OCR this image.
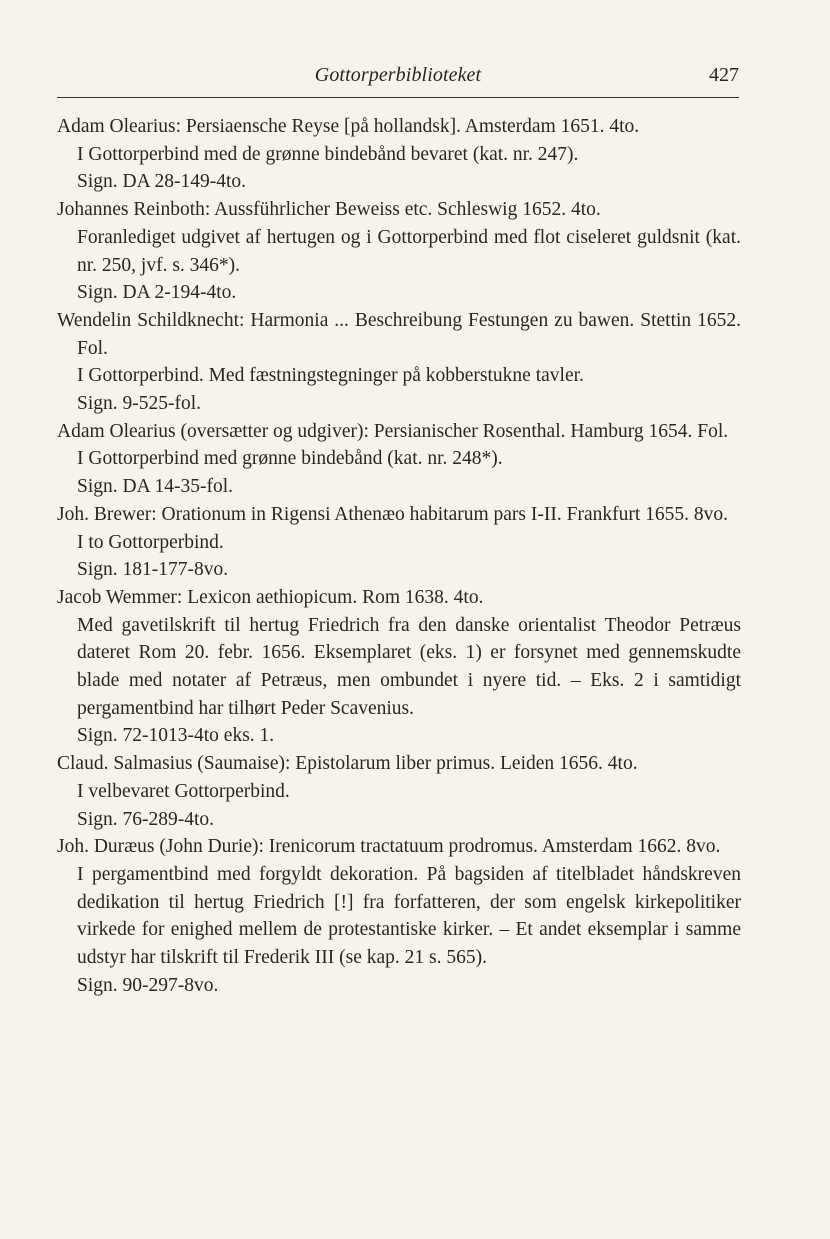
Gottorperbiblioteket	427

Adam Olearius: Persiaensche Reyse [på hollandsk]. Amsterdam 1651. 4to.

I Gottorperbind med de grønne bindebånd bevaret (kat. nr. 247).

Sign. DA 28-149-4to.

Johannes Reinboth: Aussführlicher Beweiss etc. Schleswig 1652. 4to.

Foranlediget udgivet af hertugen og i Gottorperbind med flot ciseleret guldsnit (kat. nr. 250, jvf. s. 346*).

Sign. DA 2-194-4to.

Wendelin Schildknecht: Harmonia ... Beschreibung Festungen zu bawen. Stettin 1652. Fol.

I Gottorperbind. Med fæstningstegninger på kobberstukne tavler.

Sign. 9-525-fol.

Adam Olearius (oversætter og udgiver): Persianischer Rosenthal. Hamburg 1654. Fol.

I Gottorperbind med grønne bindebånd (kat. nr. 248*).

Sign. DA 14-35-fol.

Joh. Brewer: Orationum in Rigensi Athenæo habitarum pars I-II. Frankfurt 1655. 8vo.

I to Gottorperbind.

Sign. 181-177-8vo.

Jacob Wemmer: Lexicon aethiopicum. Rom 1638. 4to.

Med gavetilskrift til hertug Friedrich fra den danske orientalist Theodor Petræus dateret Rom 20. febr. 1656. Eksemplaret (eks. 1) er forsynet med gennemskudte blade med notater af Petræus, men ombundet i nyere tid. – Eks. 2 i samtidigt pergamentbind har tilhørt Peder Scavenius.

Sign. 72-1013-4to eks. 1.

Claud. Salmasius (Saumaise): Epistolarum liber primus. Leiden 1656. 4to.

I velbevaret Gottorperbind.

Sign. 76-289-4to.

Joh. Duræus (John Durie): Irenicorum tractatuum prodromus. Amsterdam 1662. 8vo.

I pergamentbind med forgyldt dekoration. På bagsiden af titelbladet håndskreven dedikation til hertug Friedrich [!] fra forfatteren, der som engelsk kirkepolitiker virkede for enighed mellem de protestantiske kirker. – Et andet eksemplar i samme udstyr har tilskrift til Frederik III (se kap. 21 s. 565).

Sign. 90-297-8vo.
